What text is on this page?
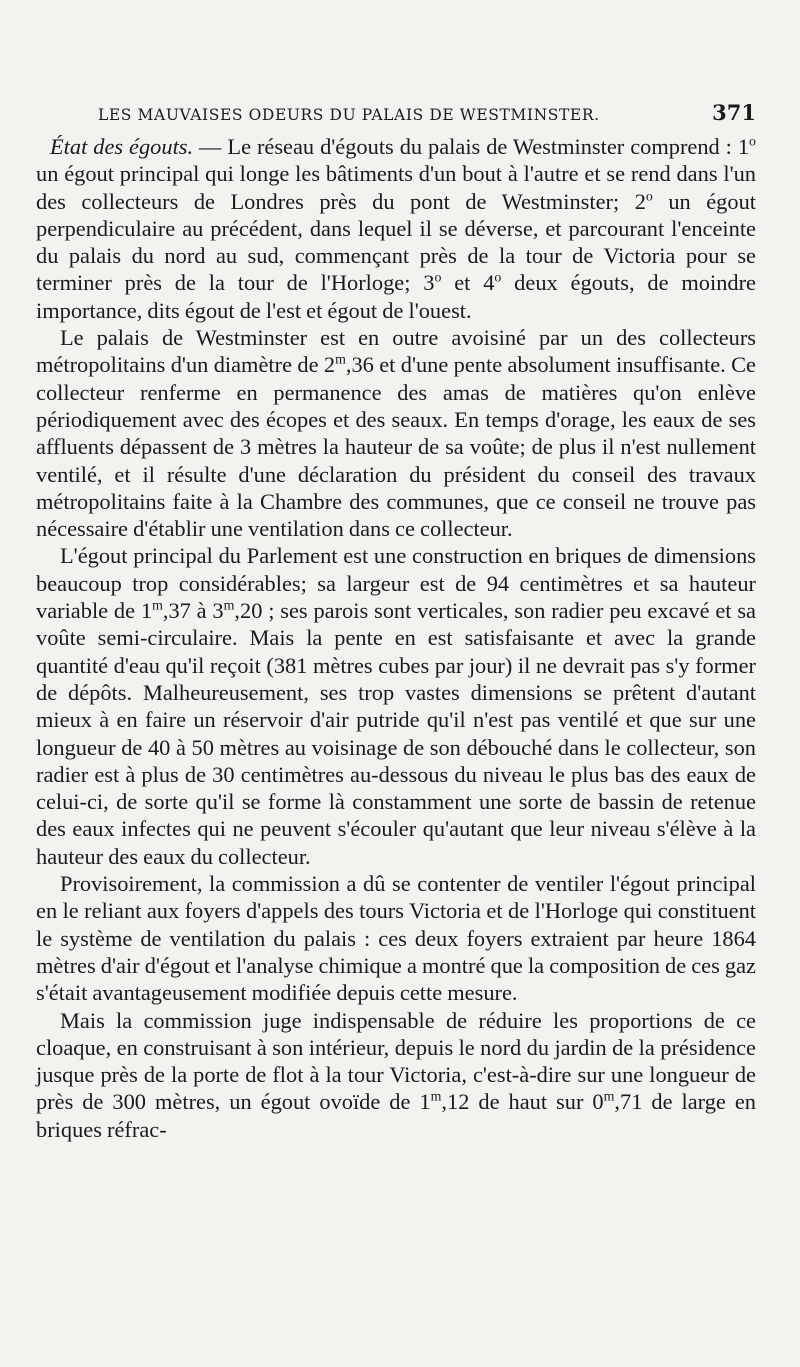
LES MAUVAISES ODEURS DU PALAIS DE WESTMINSTER.	371

État des égouts. — Le réseau d'égouts du palais de Westminster comprend : 1$^o$ un égout principal qui longe les bâtiments d'un bout à l'autre et se rend dans l'un des collecteurs de Londres près du pont de Westminster; 2$^o$ un égout perpendiculaire au précédent, dans lequel il se déverse, et parcourant l'enceinte du palais du nord au sud, commençant près de la tour de Victoria pour se terminer près de la tour de l'Horloge; 3$^o$ et 4$^o$ deux égouts, de moindre importance, dits égout de l'est et égout de l'ouest.

Le palais de Westminster est en outre avoisiné par un des collecteurs métropolitains d'un diamètre de 2$^m$,36 et d'une pente absolument insuffisante. Ce collecteur renferme en permanence des amas de matières qu'on enlève périodiquement avec des écopes et des seaux. En temps d'orage, les eaux de ses affluents dépassent de 3 mètres la hauteur de sa voûte; de plus il n'est nullement ventilé, et il résulte d'une déclaration du président du conseil des travaux métropolitains faite à la Chambre des communes, que ce conseil ne trouve pas nécessaire d'établir une ventilation dans ce collecteur.

L'égout principal du Parlement est une construction en briques de dimensions beaucoup trop considérables; sa largeur est de 94 centimètres et sa hauteur variable de 1$^m$,37 à 3$^m$,20 ; ses parois sont verticales, son radier peu excavé et sa voûte semi-circulaire. Mais la pente en est satisfaisante et avec la grande quantité d'eau qu'il reçoit (381 mètres cubes par jour) il ne devrait pas s'y former de dépôts. Malheureusement, ses trop vastes dimensions se prêtent d'autant mieux à en faire un réservoir d'air putride qu'il n'est pas ventilé et que sur une longueur de 40 à 50 mètres au voisinage de son débouché dans le collecteur, son radier est à plus de 30 centimètres au-dessous du niveau le plus bas des eaux de celui-ci, de sorte qu'il se forme là constamment une sorte de bassin de retenue des eaux infectes qui ne peuvent s'écouler qu'autant que leur niveau s'élève à la hauteur des eaux du collecteur.

Provisoirement, la commission a dû se contenter de ventiler l'égout principal en le reliant aux foyers d'appels des tours Victoria et de l'Horloge qui constituent le système de ventilation du palais : ces deux foyers extraient par heure 1864 mètres d'air d'égout et l'analyse chimique a montré que la composition de ces gaz s'était avantageusement modifiée depuis cette mesure.

Mais la commission juge indispensable de réduire les proportions de ce cloaque, en construisant à son intérieur, depuis le nord du jardin de la présidence jusque près de la porte de flot à la tour Victoria, c'est-à-dire sur une longueur de près de 300 mètres, un égout ovoïde de 1$^m$,12 de haut sur 0$^m$,71 de large en briques réfrac-
